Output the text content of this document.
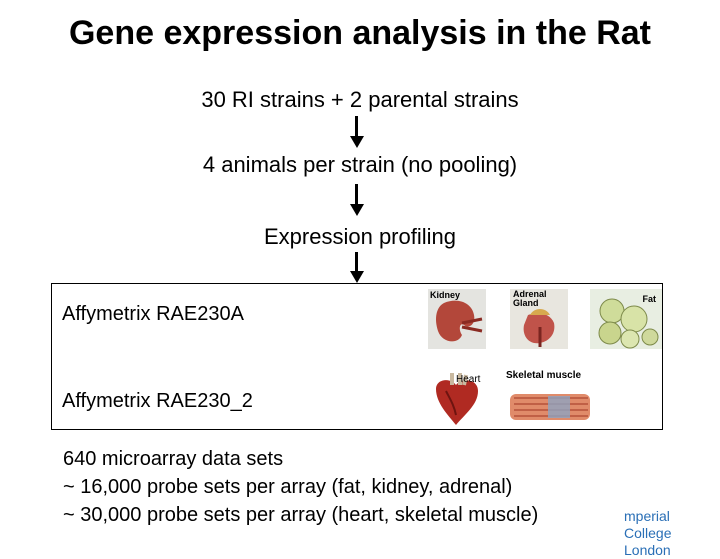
Gene expression analysis in the Rat
30 RI strains + 2 parental strains
4 animals per strain (no pooling)
Expression profiling
Affymetrix RAE230A
Affymetrix RAE230_2
Kidney	Adrenal
Gland	Fat
Heart	Skeletal muscle
640 microarray data sets
~ 16,000 probe sets per array (fat, kidney, adrenal)
~ 30,000 probe sets per array (heart, skeletal muscle)	mperial College
London
